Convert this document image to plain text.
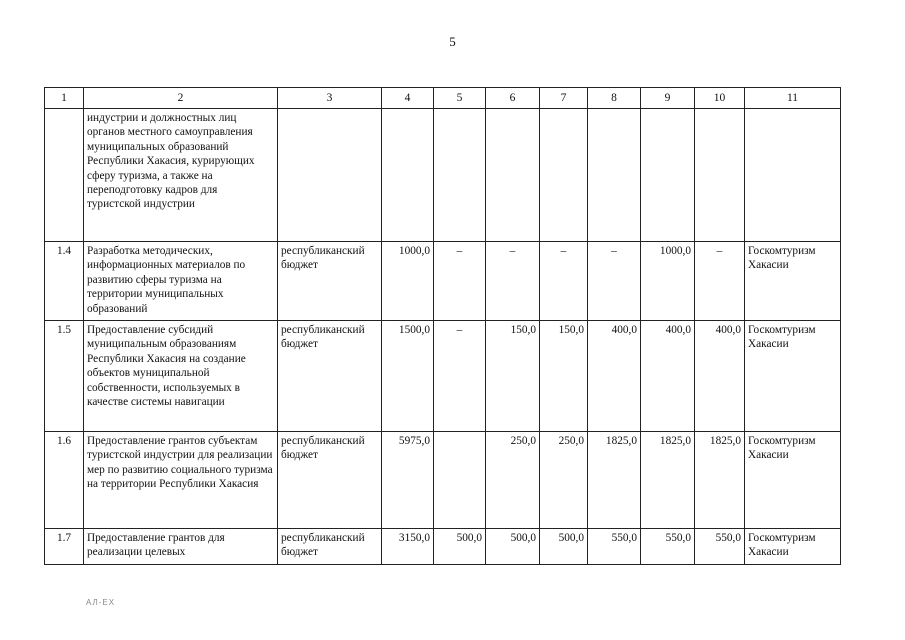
5
1	2	3	4	5	6	7	8	9	10	11
	индустрии и должностных лиц органов местного самоуправления муниципальных образований Республики Хакасия, курирующих сферу туризма, а также на переподготовку кадров для туристской индустрии									
1.4	Разработка методических, информационных материалов по развитию сферы туризма на территории муниципальных образований	республиканский бюджет	1000,0	–	–	–	–	1000,0	–	Госкомтуризм Хакасии
1.5	Предоставление субсидий муниципальным образованиям Республики Хакасия на создание объектов муниципальной собственности, используемых в качестве системы навигации	республиканский бюджет	1500,0	–	150,0	150,0	400,0	400,0	400,0	Госкомтуризм Хакасии
1.6	Предоставление грантов субъектам туристской индустрии для реализации мер по развитию социального туризма на территории Республики Хакасия	республиканский бюджет	5975,0		250,0	250,0	1825,0	1825,0	1825,0	Госкомтуризм Хакасии
1.7	Предоставление грантов для реализации целевых	республиканский бюджет	3150,0	500,0	500,0	500,0	550,0	550,0	550,0	Госкомтуризм Хакасии
АЛ-ЕХ
